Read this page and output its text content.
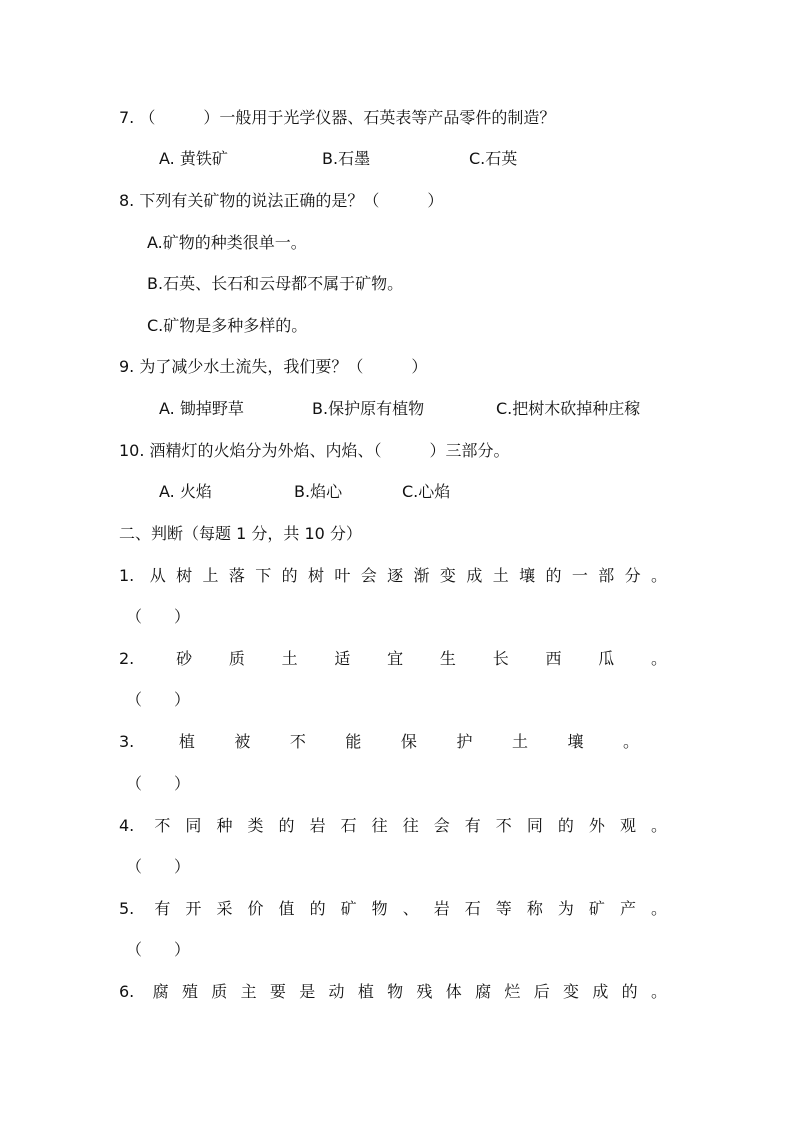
7. （　　　）一般用于光学仪器、石英表等产品零件的制造？
A. 黄铁矿	B.石墨	C.石英
8. 下列有关矿物的说法正确的是？（　　　）
A.矿物的种类很单一。
B.石英、长石和云母都不属于矿物。
C.矿物是多种多样的。
9. 为了减少水土流失，我们要？（　　　）
A. 锄掉野草	B.保护原有植物	C.把树木砍掉种庄稼
10. 酒精灯的火焰分为外焰、内焰、（　　　）三部分。
A. 火焰	B.焰心	C.心焰
二、判断（每题 1 分，共 10 分）
1. 从树上落下的树叶会逐渐变成土壤的一部分。
（　　）
2. 砂质土适宜生长西瓜。
（　　）
3. 植被不能保护土壤。
（　　）
4. 不同种类的岩石往往会有不同的外观。
（　　）
5. 有开采价值的矿物、岩石等称为矿产。
（　　）
6. 腐殖质主要是动植物残体腐烂后变成的。
